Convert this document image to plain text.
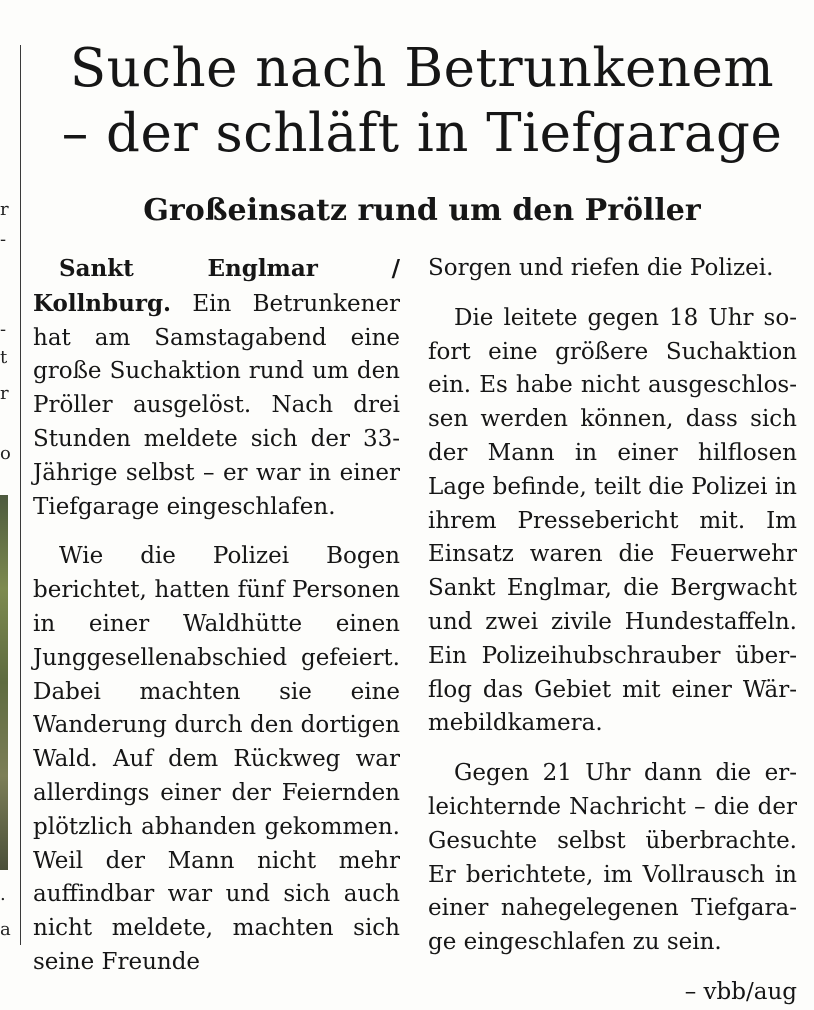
r
-
-
t
r
o
.
a
Suche nach Betrunkenem
– der schläft in Tiefgarage
Großeinsatz rund um den Pröller

Sankt Englmar / Kollnburg. Ein Betrunkener hat am Samstagabend eine große Suchaktion rund um den Pröller ausgelöst. Nach drei Stunden meldete sich der 33-Jährige selbst – er war in einer Tiefgarage eingeschlafen.

Wie die Polizei Bogen berichtet, hatten fünf Personen in einer Waldhütte einen Junggesellenabschied gefeiert. Dabei machten sie eine Wanderung durch den dortigen Wald. Auf dem Rückweg war allerdings einer der Feiernden plötzlich abhanden gekommen. Weil der Mann nicht mehr auffindbar war und sich auch nicht meldete, machten sich seine Freunde

Sorgen und riefen die Polizei.

Die leitete gegen 18 Uhr sofort eine größere Suchaktion ein. Es habe nicht ausgeschlossen werden können, dass sich der Mann in einer hilflosen Lage befinde, teilt die Polizei in ihrem Pressebericht mit. Im Einsatz waren die Feuerwehr Sankt Englmar, die Bergwacht und zwei zivile Hundestaffeln. Ein Polizeihubschrauber überflog das Gebiet mit einer Wärmebildkamera.

Gegen 21 Uhr dann die erleichternde Nachricht – die der Gesuchte selbst überbrachte. Er berichtete, im Vollrausch in einer nahegelegenen Tiefgarage eingeschlafen zu sein.

– vbb/aug
